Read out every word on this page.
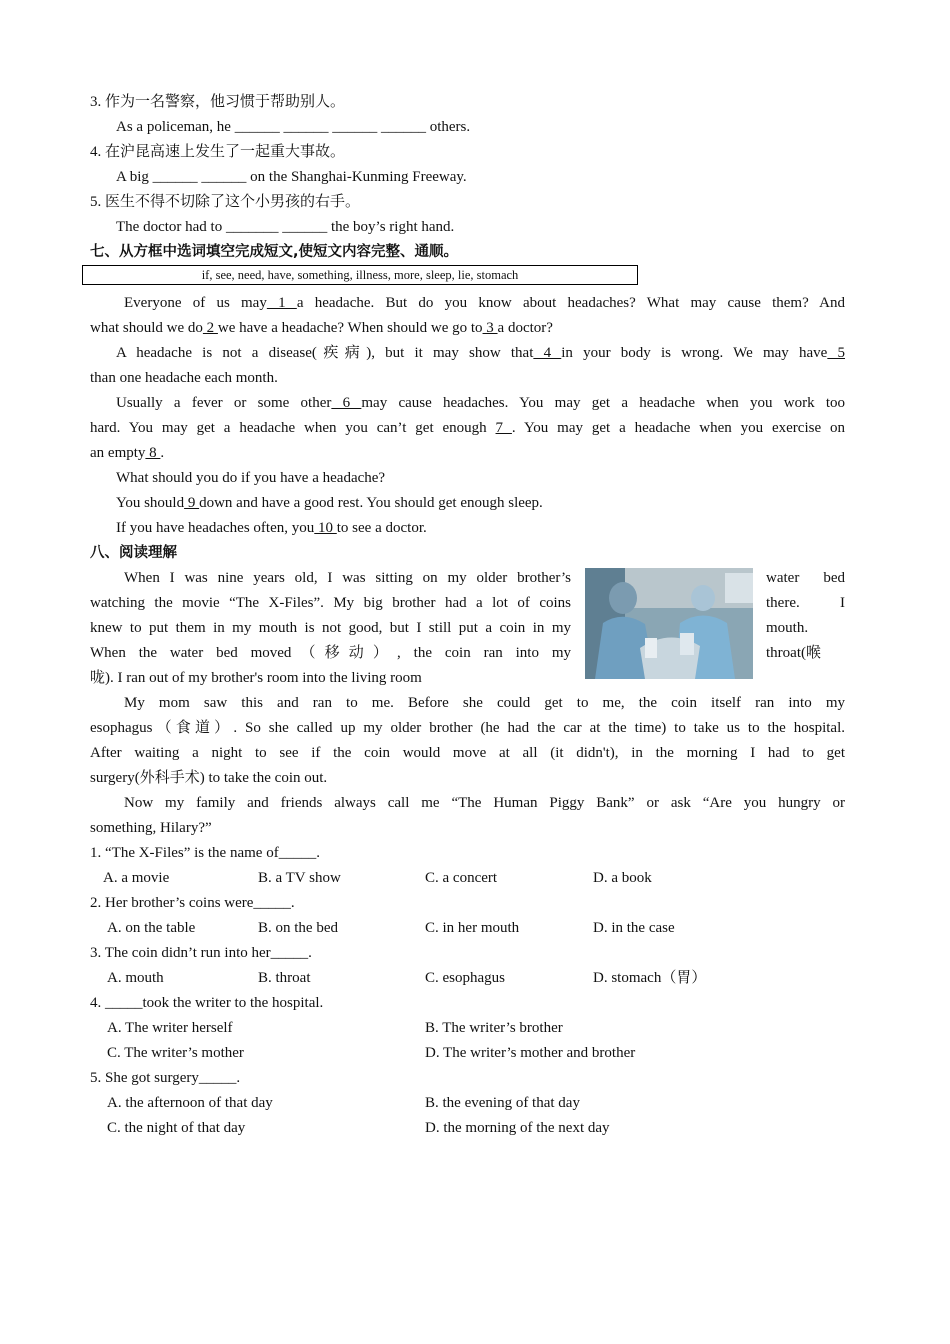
3. 作为一名警察，他习惯于帮助别人。
As a policeman, he ______ ______ ______ ______ others.
4. 在沪昆高速上发生了一起重大事故。
A big ______ ______ on the Shanghai-Kunming Freeway.
5. 医生不得不切除了这个小男孩的右手。
The doctor had to _______ ______ the boy’s right hand.
七、从方框中选词填空完成短文,使短文内容完整、通顺。
if, see, need, have, something, illness, more, sleep, lie, stomach
Everyone of us may 1 a headache. But do you know about headaches? What may cause them? And
what should we do 2 we have a headache? When should we go to 3 a doctor?
A headache is not a disease(疾病), but it may show that 4 in your body is wrong. We may have 5
than one headache each month.
Usually a fever or some other 6 may cause headaches. You may get a headache when you work too
hard. You may get a headache when you can’t get enough 7 . You may get a headache when you exercise on
an empty 8 .
What should you do if you have a headache?
You should 9 down and have a good rest. You should get enough sleep.
If you have headaches often, you 10 to see a doctor.
八、阅读理解
When I was nine years old, I was sitting on my older brother’s
watching the movie “The X-Files”. My big brother had a lot of coins
knew to put them in my mouth is not good, but I still put a coin in my
When the water bed moved（移动）, the coin ran into my
咙). I ran out of my brother's room into the living room
water bed
there. I
mouth.
throat(喉
My mom saw this and ran to me. Before she could get to me, the coin itself ran into my
esophagus（食道）. So she called up my older brother (he had the car at the time) to take us to the hospital.
After waiting a night to see if the coin would move at all (it didn't), in the morning I had to get
surgery(外科手术) to take the coin out.
Now my family and friends always call me “The Human Piggy Bank” or ask “Are you hungry or
something, Hilary?”
1. “The X-Files” is the name of_____.
A. a movie	B. a TV show	C. a concert	D. a book
2. Her brother’s coins were_____.
A. on the table	B. on the bed	C. in her mouth	D. in the case
3. The coin didn’t run into her_____.
A. mouth	B. throat	C. esophagus	D. stomach（胃）
4. _____took the writer to the hospital.
A. The writer herself	B. The writer’s brother
C. The writer’s mother	D. The writer’s mother and brother
5. She got surgery_____.
A. the afternoon of that day	B. the evening of that day
C. the night of that day	D. the morning of the next day
